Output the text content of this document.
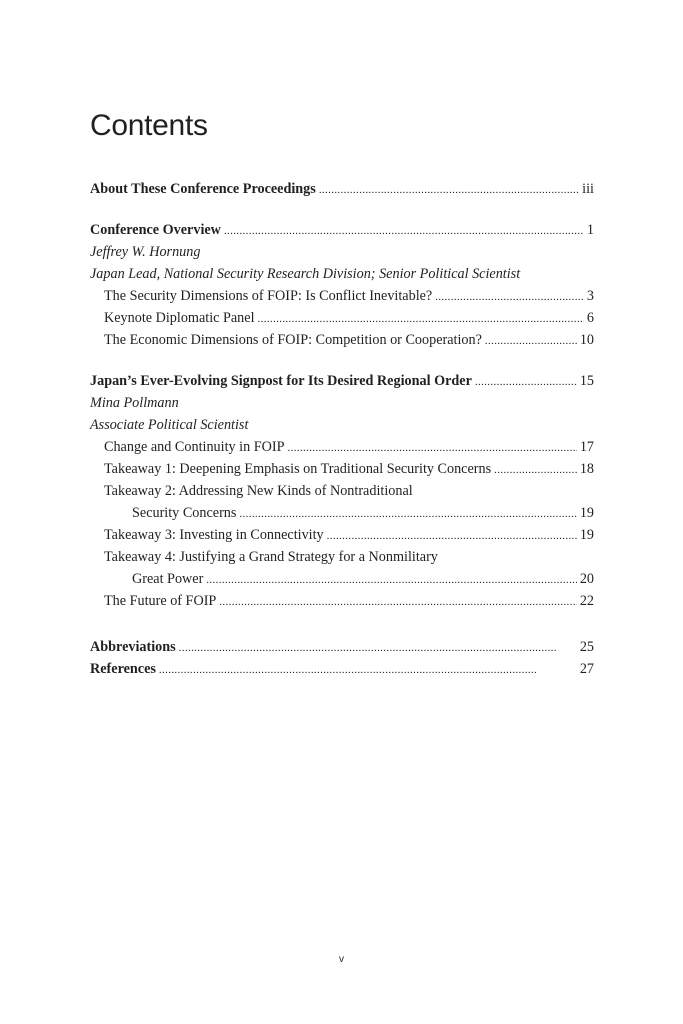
Contents
About These Conference Proceedings . . .	iii
Conference Overview . . .	1
Jeffrey W. Hornung
Japan Lead, National Security Research Division; Senior Political Scientist
The Security Dimensions of FOIP: Is Conflict Inevitable? . . .	3
Keynote Diplomatic Panel . . .	6
The Economic Dimensions of FOIP: Competition or Cooperation? . . .	10
Japan’s Ever-Evolving Signpost for Its Desired Regional Order . . .	15
Mina Pollmann
Associate Political Scientist
Change and Continuity in FOIP . . .	17
Takeaway 1: Deepening Emphasis on Traditional Security Concerns . . .	18
Takeaway 2: Addressing New Kinds of Nontraditional
Security Concerns . . .	19
Takeaway 3: Investing in Connectivity . . .	19
Takeaway 4: Justifying a Grand Strategy for a Nonmilitary
Great Power . . .	20
The Future of FOIP . . .	22
Abbreviations . . .	25
References . . .	27
v
